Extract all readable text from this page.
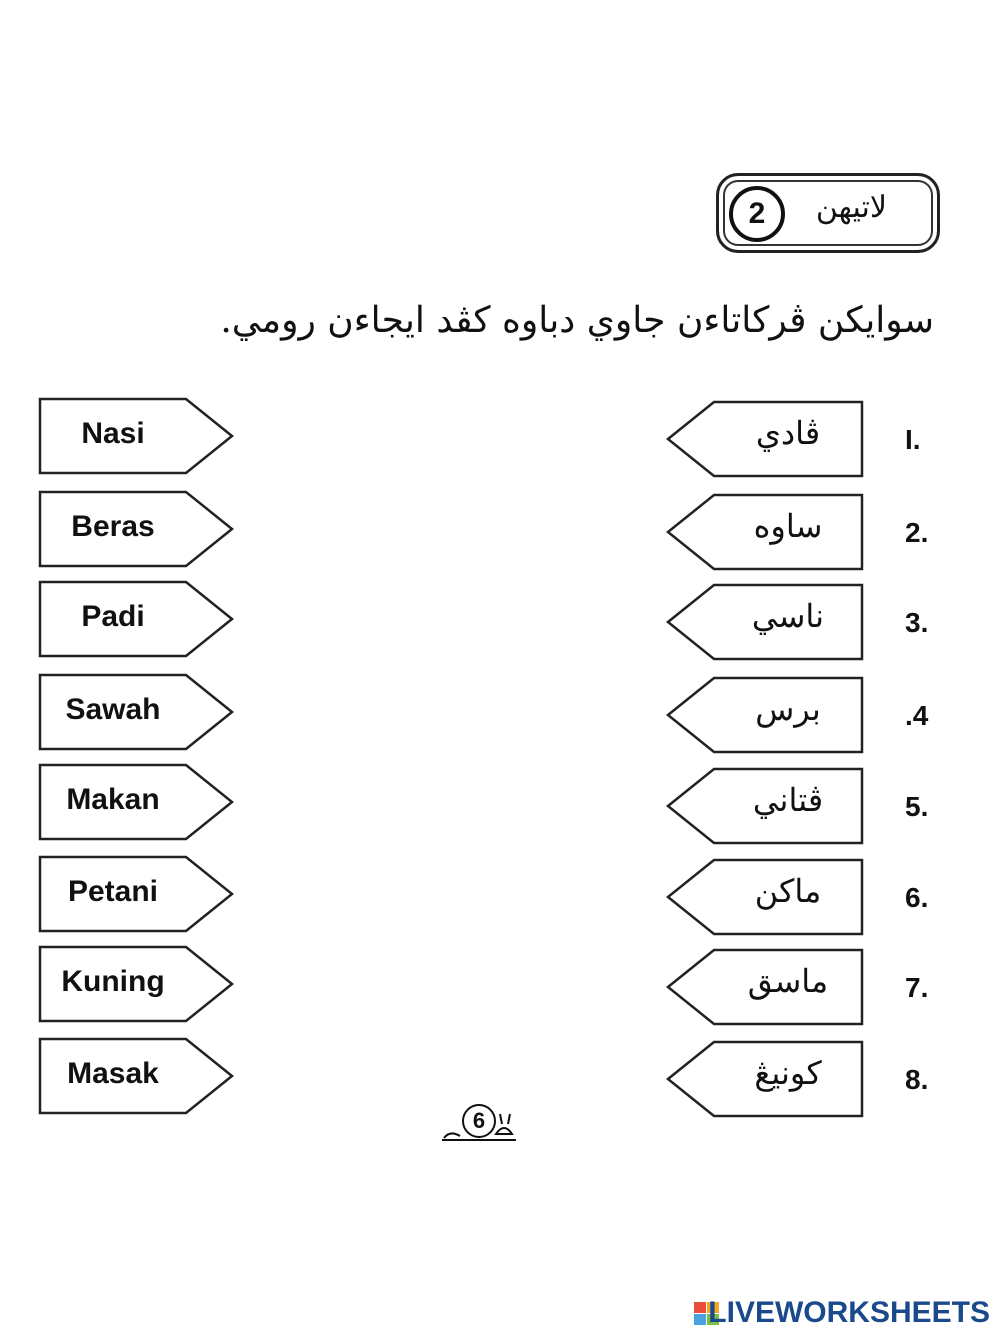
2	لاتيهن
سوايكن ڤركاتاءن جاوي دباوه کڤد ايجاءن رومي.
Nasi
Beras
Padi
Sawah
Makan
Petani
Kuning
Masak
ڤادي	I.
ساوه	2.
ناسي	3.
برس	.4
ڤتاني	5.
ماكن	6.
ماسق	7.
كونيڠ	8.
6
LIVEWORKSHEETS
